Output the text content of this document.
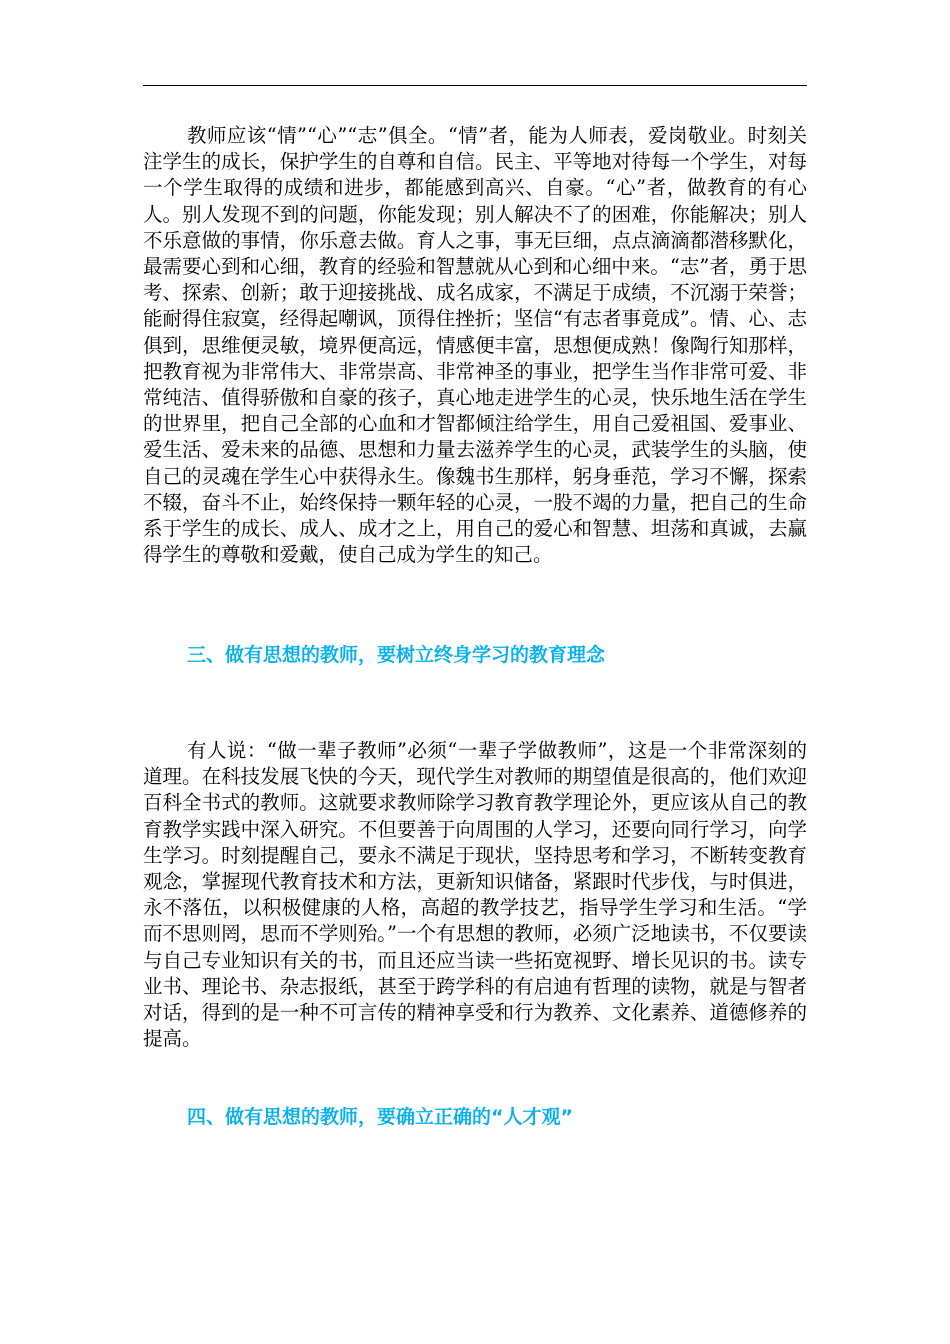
教师应该“情”“心”“志”俱全。“情”者，能为人师表，爱岗敬业。时刻关注学生的成长，保护学生的自尊和自信。民主、平等地对待每一个学生，对每一个学生取得的成绩和进步，都能感到高兴、自豪。“心”者，做教育的有心人。别人发现不到的问题，你能发现；别人解决不了的困难，你能解决；别人不乐意做的事情，你乐意去做。育人之事，事无巨细，点点滴滴都潜移默化，最需要心到和心细，教育的经验和智慧就从心到和心细中来。“志”者，勇于思考、探索、创新；敢于迎接挑战、成名成家，不满足于成绩，不沉溺于荣誉；能耐得住寂寞，经得起嘲讽，顶得住挫折；坚信“有志者事竟成”。情、心、志俱到，思维便灵敏，境界便高远，情感便丰富，思想便成熟！像陶行知那样，把教育视为非常伟大、非常崇高、非常神圣的事业，把学生当作非常可爱、非常纯洁、值得骄傲和自豪的孩子，真心地走进学生的心灵，快乐地生活在学生的世界里，把自己全部的心血和才智都倾注给学生，用自己爱祖国、爱事业、爱生活、爱未来的品德、思想和力量去滋养学生的心灵，武装学生的头脑，使自己的灵魂在学生心中获得永生。像魏书生那样，躬身垂范，学习不懈，探索不辍，奋斗不止，始终保持一颗年轻的心灵，一股不竭的力量，把自己的生命系于学生的成长、成人、成才之上，用自己的爱心和智慧、坦荡和真诚，去赢得学生的尊敬和爱戴，使自己成为学生的知己。

三、做有思想的教师，要树立终身学习的教育理念

有人说：“做一辈子教师”必须“一辈子学做教师”，这是一个非常深刻的道理。在科技发展飞快的今天，现代学生对教师的期望值是很高的，他们欢迎百科全书式的教师。这就要求教师除学习教育教学理论外，更应该从自己的教育教学实践中深入研究。不但要善于向周围的人学习，还要向同行学习，向学生学习。时刻提醒自己，要永不满足于现状，坚持思考和学习，不断转变教育观念，掌握现代教育技术和方法，更新知识储备，紧跟时代步伐，与时俱进，永不落伍，以积极健康的人格，高超的教学技艺，指导学生学习和生活。“学而不思则罔，思而不学则殆。”一个有思想的教师，必须广泛地读书，不仅要读与自己专业知识有关的书，而且还应当读一些拓宽视野、增长见识的书。读专业书、理论书、杂志报纸，甚至于跨学科的有启迪有哲理的读物，就是与智者对话，得到的是一种不可言传的精神享受和行为教养、文化素养、道德修养的提高。

四、做有思想的教师，要确立正确的“人才观”
